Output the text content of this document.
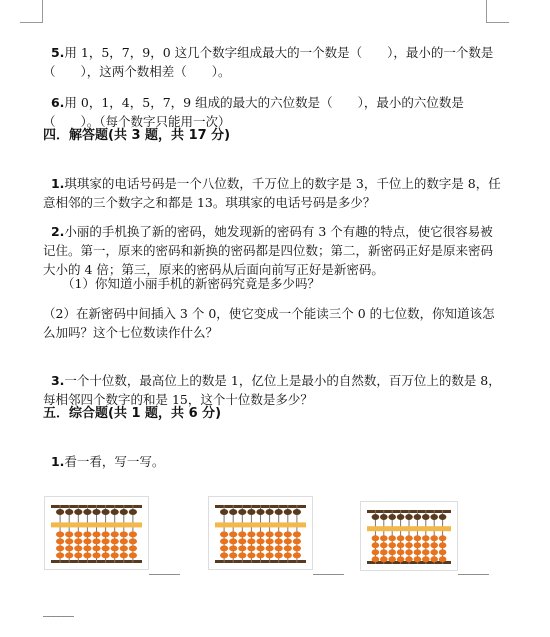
5.用 1，5，7，9，0 这几个数字组成最大的一个数是（　　），最小的一个数是（　　），这两个数相差（　　）。

6.用 0，1，4，5，7，9 组成的最大的六位数是（　　），最小的六位数是（　　）。（每个数字只能用一次）

四．解答题(共 3 题，共 17 分)

1.琪琪家的电话号码是一个八位数，千万位上的数字是 3，千位上的数字是 8，任意相邻的三个数字之和都是 13。琪琪家的电话号码是多少？

2.小丽的手机换了新的密码，她发现新的密码有 3 个有趣的特点，使它很容易被记住。第一，原来的密码和新换的密码都是四位数；第二，新密码正好是原来密码大小的 4 倍；第三，原来的密码从后面向前写正好是新密码。

（1）你知道小丽手机的新密码究竟是多少吗？
（2）在新密码中间插入 3 个 0，使它变成一个能读三个 0 的七位数，你知道该怎么加吗？这个七位数读作什么？

3.一个十位数，最高位上的数是 1，亿位上是最小的自然数，百万位上的数是 8，每相邻四个数字的和是 15，这个十位数是多少？

五．综合题(共 1 题，共 6 分)

1.看一看，写一写。

______	______	______
______
